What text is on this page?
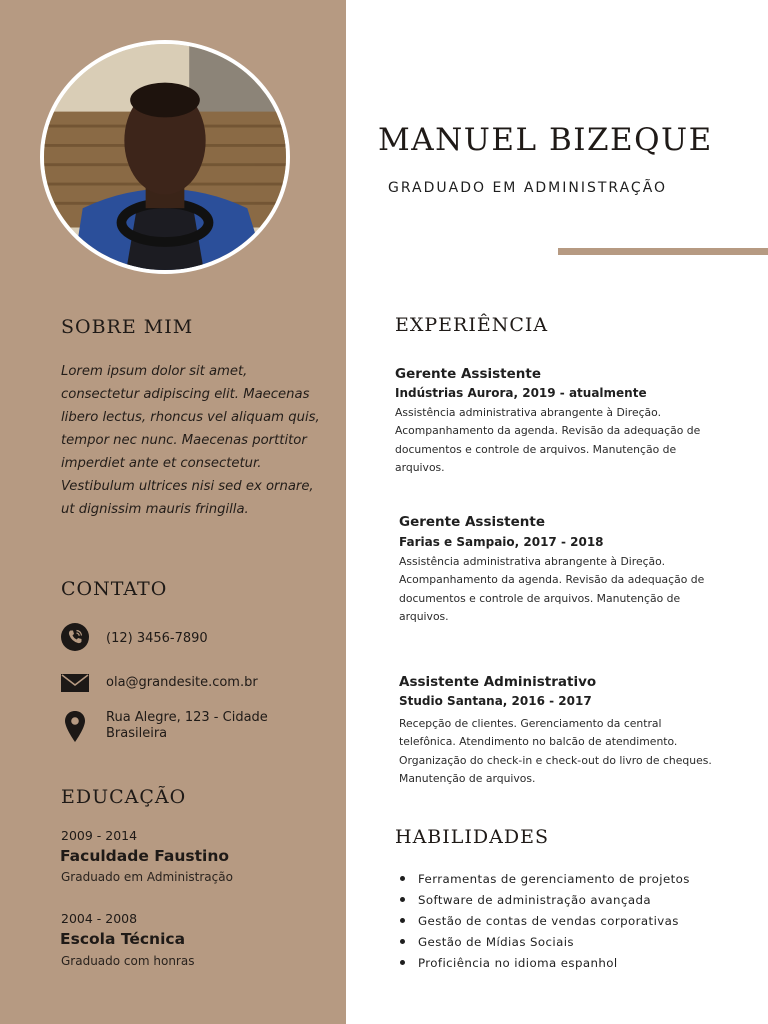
SOBRE MIM

Lorem ipsum dolor sit amet, consectetur adipiscing elit. Maecenas libero lectus, rhoncus vel aliquam quis, tempor nec nunc. Maecenas porttitor imperdiet ante et consectetur. Vestibulum ultrices nisi sed ex ornare, ut dignissim mauris fringilla.

CONTATO
(12) 3456-7890
ola@grandesite.com.br
Rua Alegre, 123 - Cidade
Brasileira
EDUCAÇÃO
2009 - 2014
Faculdade Faustino
Graduado em Administração
2004 - 2008
Escola Técnica
Graduado com honras
MANUEL BIZEQUE
GRADUADO EM ADMINISTRAÇÃO
EXPERIÊNCIA
Gerente Assistente
Indústrias Aurora, 2019 - atualmente

Assistência administrativa abrangente à Direção. Acompanhamento da agenda. Revisão da adequação de documentos e controle de arquivos. Manutenção de arquivos.

Gerente Assistente
Farias e Sampaio, 2017 - 2018

Assistência administrativa abrangente à Direção. Acompanhamento da agenda. Revisão da adequação de documentos e controle de arquivos. Manutenção de arquivos.

Assistente Administrativo
Studio Santana, 2016 - 2017

Recepção de clientes. Gerenciamento da central telefônica. Atendimento no balcão de atendimento. Organização do check-in e check-out do livro de cheques. Manutenção de arquivos.

HABILIDADES
Ferramentas de gerenciamento de projetos
Software de administração avançada
Gestão de contas de vendas corporativas
Gestão de Mídias Sociais
Proficiência no idioma espanhol
